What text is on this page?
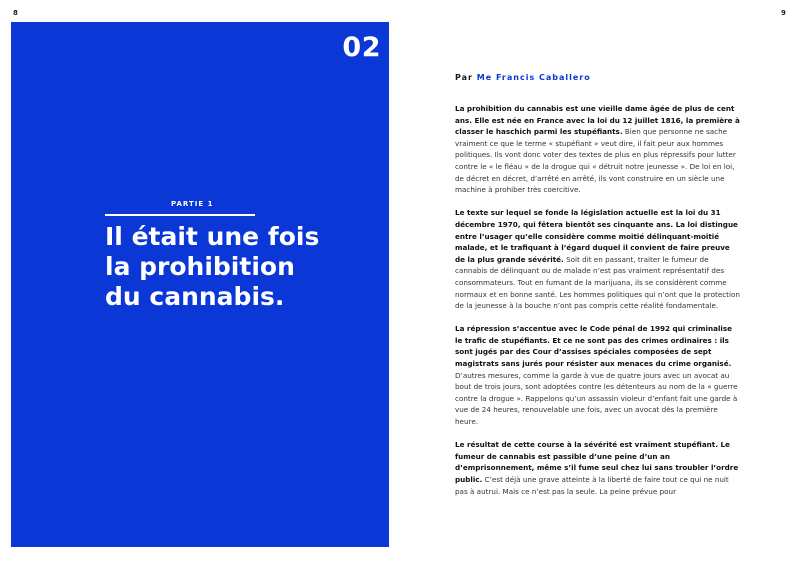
8	9
02
PARTIE 1
Il était une fois
la prohibition
du cannabis.
Par Me Francis Caballero

La prohibition du cannabis est une vieille dame âgée de plus de cent ans. Elle est née en France avec la loi du 12 juillet 1816, la première à classer le haschich parmi les stupéfiants. Bien que personne ne sache vraiment ce que le terme « stupéfiant » veut dire, il fait peur aux hommes politiques. Ils vont donc voter des textes de plus en plus répressifs pour lutter contre le « le fléau » de la drogue qui « détruit notre jeunesse ». De loi en loi, de décret en décret, d’arrêté en arrêté, ils vont construire en un siècle une machine à prohiber très coercitive.

Le texte sur lequel se fonde la législation actuelle est la loi du 31 décembre 1970, qui fêtera bientôt ses cinquante ans. La loi distingue entre l’usager qu’elle considère comme moitié délinquant-moitié malade, et le trafiquant à l’égard duquel il convient de faire preuve de la plus grande sévérité. Soit dit en passant, traiter le fumeur de cannabis de délinquant ou de malade n’est pas vraiment représentatif des consommateurs. Tout en fumant de la marijuana, ils se considèrent comme normaux et en bonne santé. Les hommes politiques qui n’ont que la protection de la jeunesse à la bouche n’ont pas compris cette réalité fondamentale.

La répression s’accentue avec le Code pénal de 1992 qui criminalise le trafic de stupéfiants. Et ce ne sont pas des crimes ordinaires : ils sont jugés par des Cour d’assises spéciales composées de sept magistrats sans jurés pour résister aux menaces du crime organisé. D’autres mesures, comme la garde à vue de quatre jours avec un avocat au bout de trois jours, sont adoptées contre les détenteurs au nom de la « guerre contre la drogue ». Rappelons qu’un assassin violeur d’enfant fait une garde à vue de 24 heures, renouvelable une fois, avec un avocat dès la première heure.

Le résultat de cette course à la sévérité est vraiment stupéfiant. Le fumeur de cannabis est passible d’une peine d’un an d’emprisonnement, même s’il fume seul chez lui sans troubler l’ordre public. C’est déjà une grave atteinte à la liberté de faire tout ce qui ne nuit pas à autrui. Mais ce n’est pas la seule. La peine prévue pour
